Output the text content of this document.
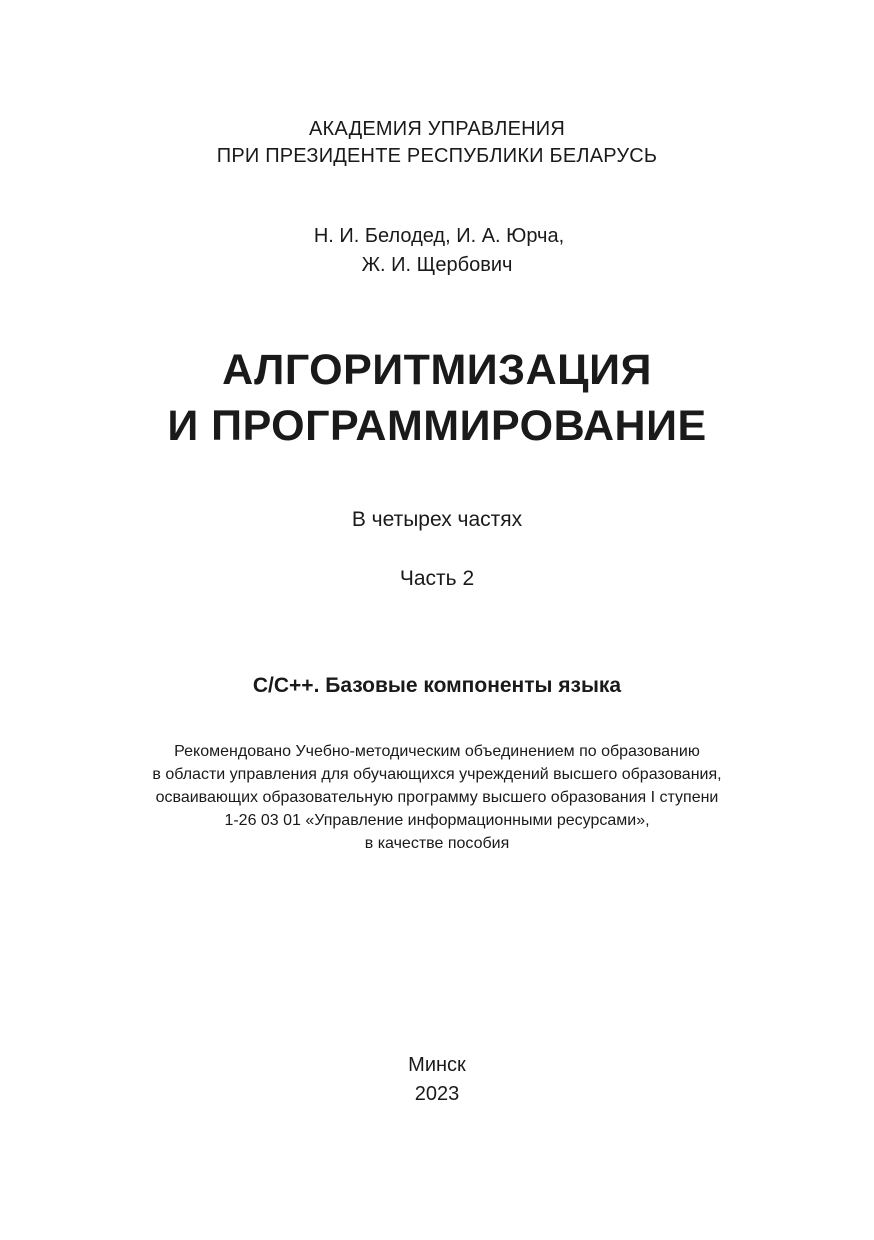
АКАДЕМИЯ УПРАВЛЕНИЯ
ПРИ ПРЕЗИДЕНТЕ РЕСПУБЛИКИ БЕЛАРУСЬ
Н. И. Белодед, И. А. Юрча,
Ж. И. Щербович
АЛГОРИТМИЗАЦИЯ
И ПРОГРАММИРОВАНИЕ
В четырех частях
Часть 2
C/C++. Базовые компоненты языка
Рекомендовано Учебно-методическим объединением по образованию
в области управления для обучающихся учреждений высшего образования,
осваивающих образовательную программу высшего образования I ступени
1-26 03 01 «Управление информационными ресурсами»,
в качестве пособия
Минск
2023
